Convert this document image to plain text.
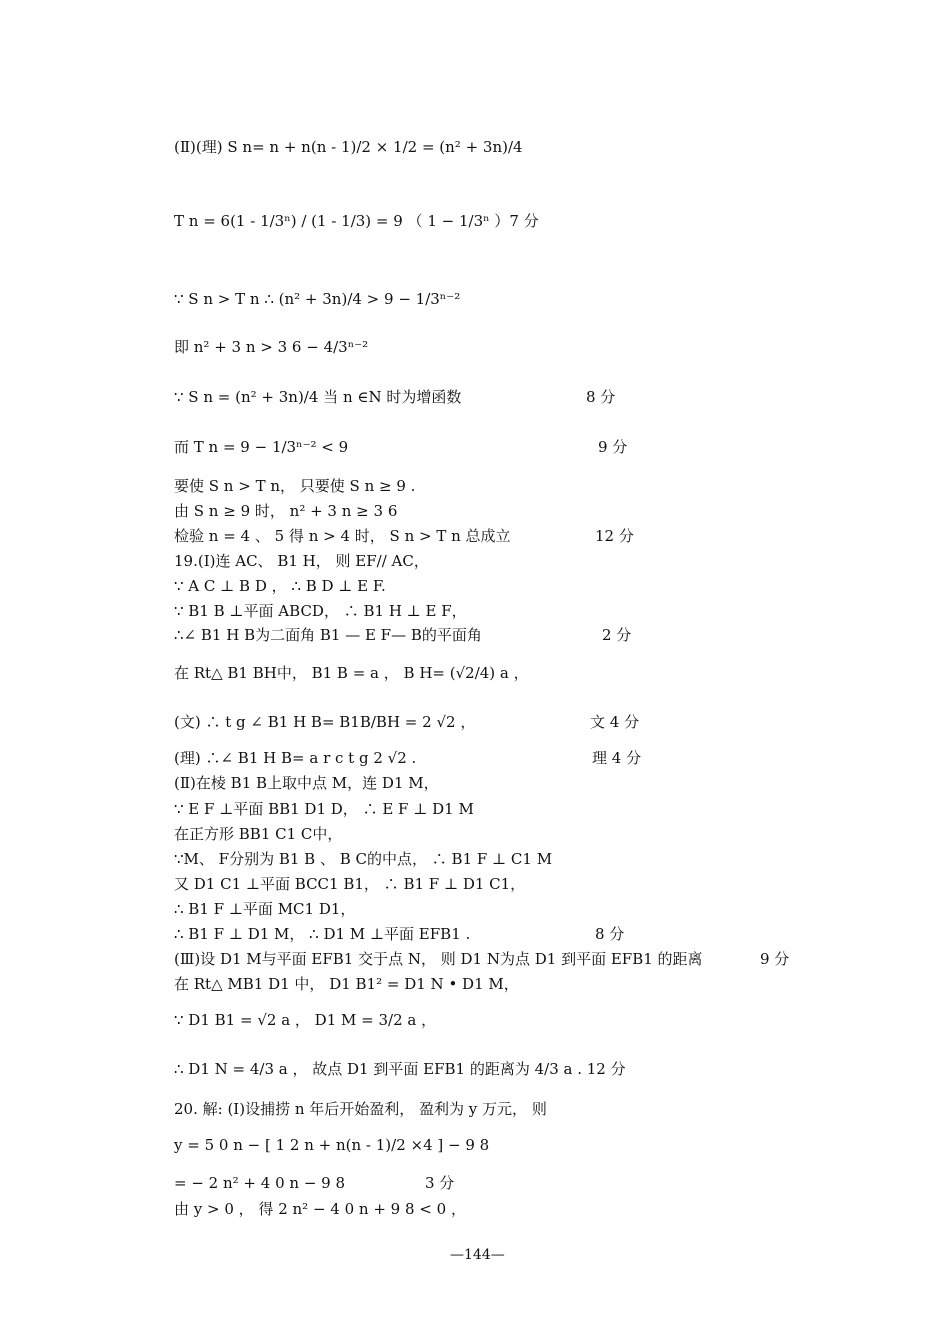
(Ⅱ)(理) S n= n + n(n - 1)/2 × 1/2 = (n² + 3n)/4
T n = 6(1 - 1/3ⁿ) / (1 - 1/3) = 9 （ 1 − 1/3ⁿ ）7 分
∵ S n > T n ∴ (n² + 3n)/4 > 9 − 1/3ⁿ⁻²
即 n² + 3 n > 3 6 − 4/3ⁿ⁻²
∵ S n = (n² + 3n)/4 当 n ∈N 时为增函数
而 T n = 9 − 1/3ⁿ⁻² < 9
要使 S n > T n， 只要使 S n ≥ 9 .
由 S n ≥ 9 时， n² + 3 n ≥ 3 6
检验 n = 4 、 5 得 n > 4 时， S n > T n 总成立
19.(Ⅰ)连 AC、 B1 H， 则 EF// AC，
∵ A C ⊥ B D ， ∴ B D ⊥ E F.
∵ B1 B ⊥平面 ABCD， ∴ B1 H ⊥ E F，
∴∠ B1 H B为二面角 B1 — E F— B的平面角
在 Rt△ B1 BH中， B1 B = a ， B H= (√2/4) a ，
(文) ∴ t g ∠ B1 H B= B1B/BH = 2 √2 ，
(理) ∴∠ B1 H B= a r c t g 2 √2 .
(Ⅱ)在棱 B1 B上取中点 M，连 D1 M，
∵ E F ⊥平面 BB1 D1 D， ∴ E F ⊥ D1 M
在正方形 BB1 C1 C中，
∵M、 F分别为 B1 B 、 B C的中点， ∴ B1 F ⊥ C1 M
又 D1 C1 ⊥平面 BCC1 B1， ∴ B1 F ⊥ D1 C1，
∴ B1 F ⊥平面 MC1 D1，
∴ B1 F ⊥ D1 M， ∴ D1 M ⊥平面 EFB1 .
(Ⅲ)设 D1 M与平面 EFB1 交于点 N， 则 D1 N为点 D1 到平面 EFB1 的距离
在 Rt△ MB1 D1 中， D1 B1² = D1 N • D1 M，
∵ D1 B1 = √2 a ， D1 M = 3/2 a ，
∴ D1 N = 4/3 a ， 故点 D1 到平面 EFB1 的距离为 4/3 a . 12 分
20. 解: (Ⅰ)设捕捞 n 年后开始盈利， 盈利为 y 万元， 则
y = 5 0 n − [ 1 2 n + n(n - 1)/2 ×4 ] − 9 8
= − 2 n² + 4 0 n − 9 8
由 y > 0 ， 得 2 n² − 4 0 n + 9 8 < 0 ，
8 分
9 分
12 分
2 分
文 4 分
理 4 分
8 分
9 分
3 分
—144—
